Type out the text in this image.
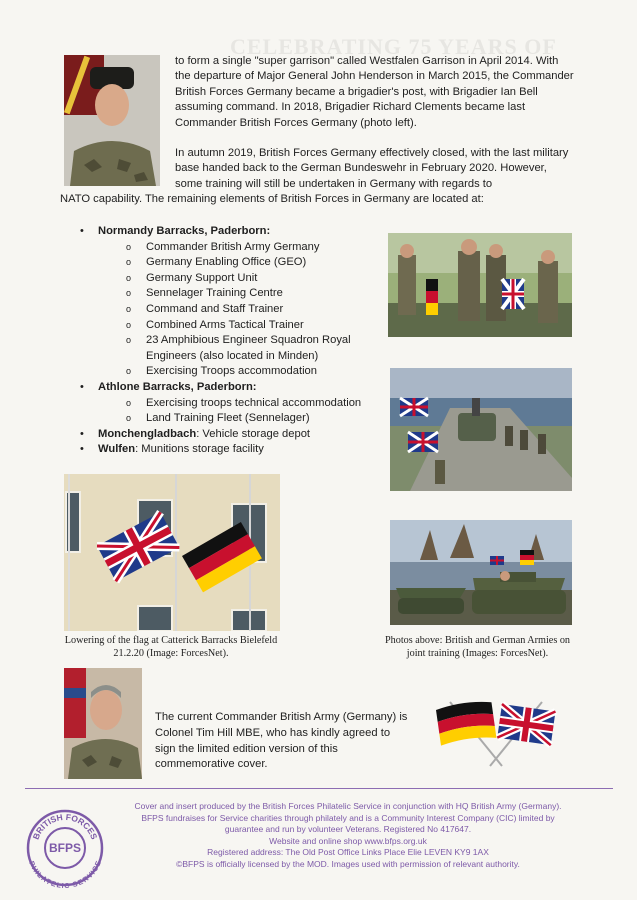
CELEBRATING 75 YEARS OF

to form a single "super garrison" called Westfalen Garrison in April 2014. With the departure of Major General John Henderson in March 2015, the Commander British Forces Germany became a brigadier's post, with Brigadier Ian Bell assuming command. In 2018, Brigadier Richard Clements became last Commander British Forces Germany (photo left).

In autumn 2019, British Forces Germany effectively closed, with the last military base handed back to the German Bundeswehr in February 2020. However, some training will still be undertaken in Germany with regards to

NATO capability. The remaining elements of British Forces in Germany are located at:

• Normandy Barracks, Paderborn:
o Commander British Army Germany
o Germany Enabling Office (GEO)
o Germany Support Unit
o Sennelager Training Centre
o Command and Staff Trainer
o Combined Arms Tactical Trainer
o 23 Amphibious Engineer Squadron Royal Engineers (also located in Minden)
o Exercising Troops accommodation
• Athlone Barracks, Paderborn:
o Exercising troops technical accommodation
o Land Training Fleet (Sennelager)
• Monchengladbach: Vehicle storage depot
• Wulfen: Munitions storage facility

Lowering of the flag at Catterick Barracks Bielefeld 21.2.20 (Image: ForcesNet).

Photos above: British and German Armies on joint training (Images: ForcesNet).

The current Commander British Army (Germany) is Colonel Tim Hill MBE, who has kindly agreed to sign the limited edition version of this commemorative cover.

BRITISH FORCES
PHILATELIC SERVICE
BFPS
Cover and insert produced by the British Forces Philatelic Service in conjunction with HQ British Army (Germany).
BFPS fundraises for Service charities through philately and is a Community Interest Company (CIC) limited by
guarantee and run by volunteer Veterans. Registered No 417647.
Website and online shop www.bfps.org.uk
Registered address: The Old Post Office Links Place Elie LEVEN KY9 1AX
©BFPS is officially licensed by the MOD. Images used with permission of relevant authority.
